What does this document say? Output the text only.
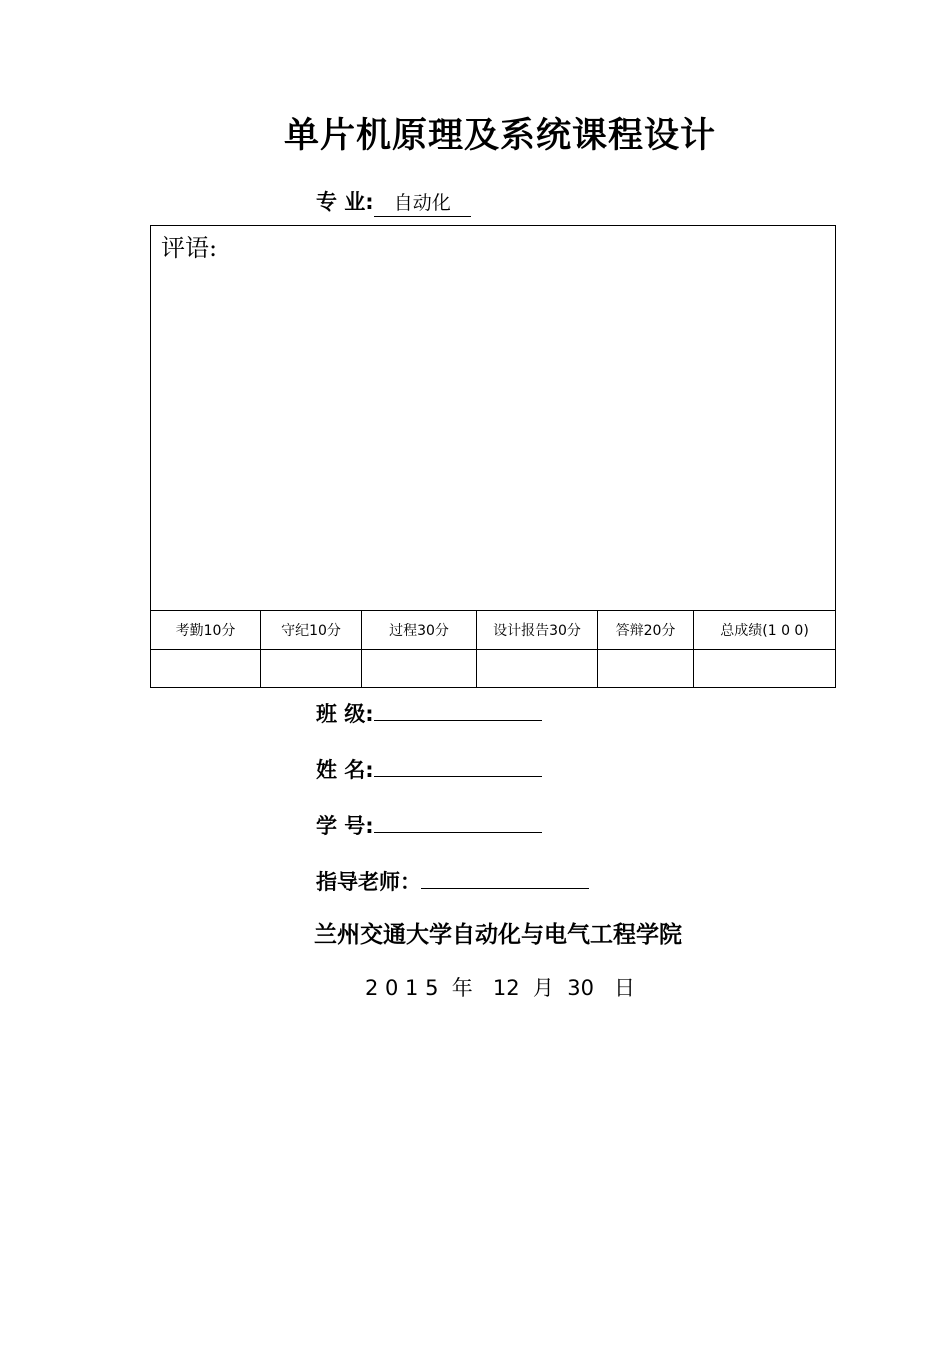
单片机原理及系统课程设计
专 业: 自动化
评语:					
考勤10分	守纪10分	过程30分	设计报告30分	答辩20分	总成绩(1 0 0)

班 级:
姓 名:
学 号:
指导老师：
兰州交通大学自动化与电气工程学院
2 0 1 5  年   12  月  30   日
